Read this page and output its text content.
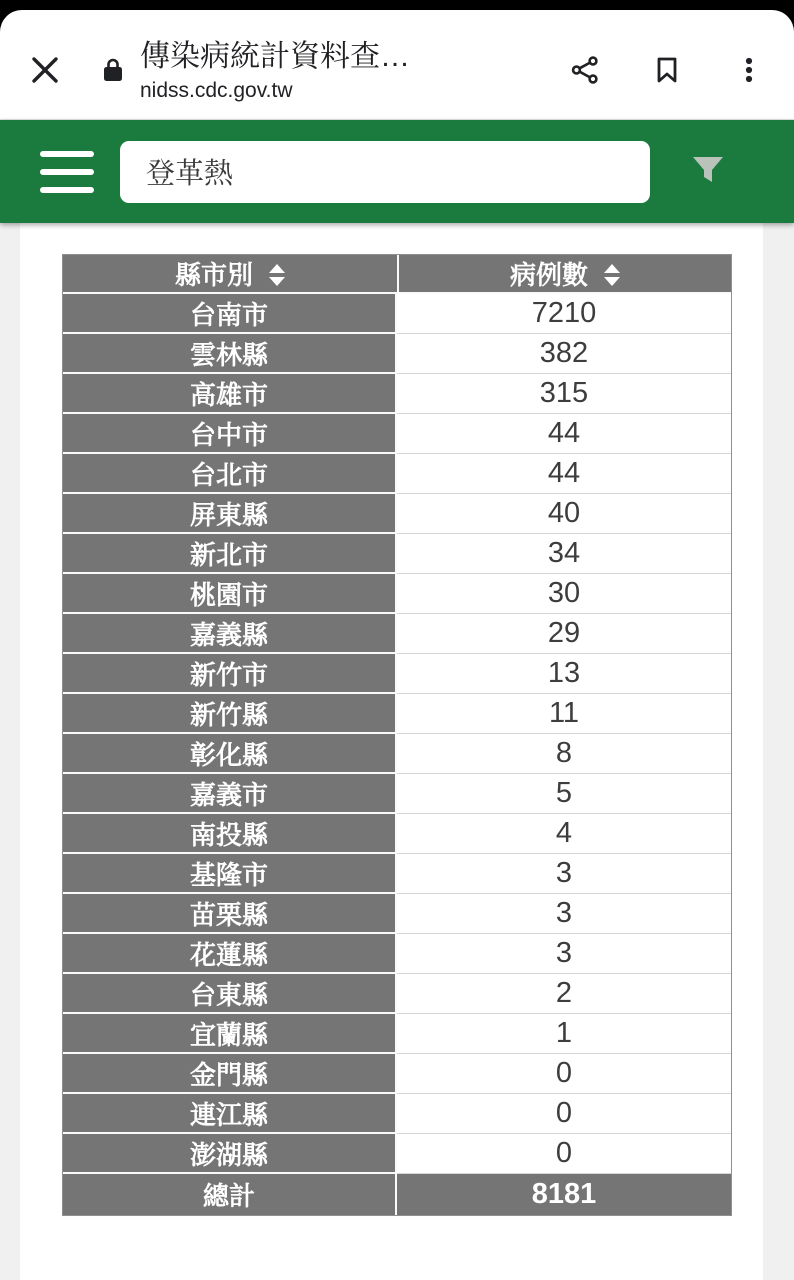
傳染病統計資料查…
nidss.cdc.gov.tw
登革熱
縣市別	病例數

台南市	7210
雲林縣	382
高雄市	315
台中市	44
台北市	44
屏東縣	40
新北市	34
桃園市	30
嘉義縣	29
新竹市	13
新竹縣	11
彰化縣	8
嘉義市	5
南投縣	4
基隆市	3
苗栗縣	3
花蓮縣	3
台東縣	2
宜蘭縣	1
金門縣	0
連江縣	0
澎湖縣	0
總計	8181
